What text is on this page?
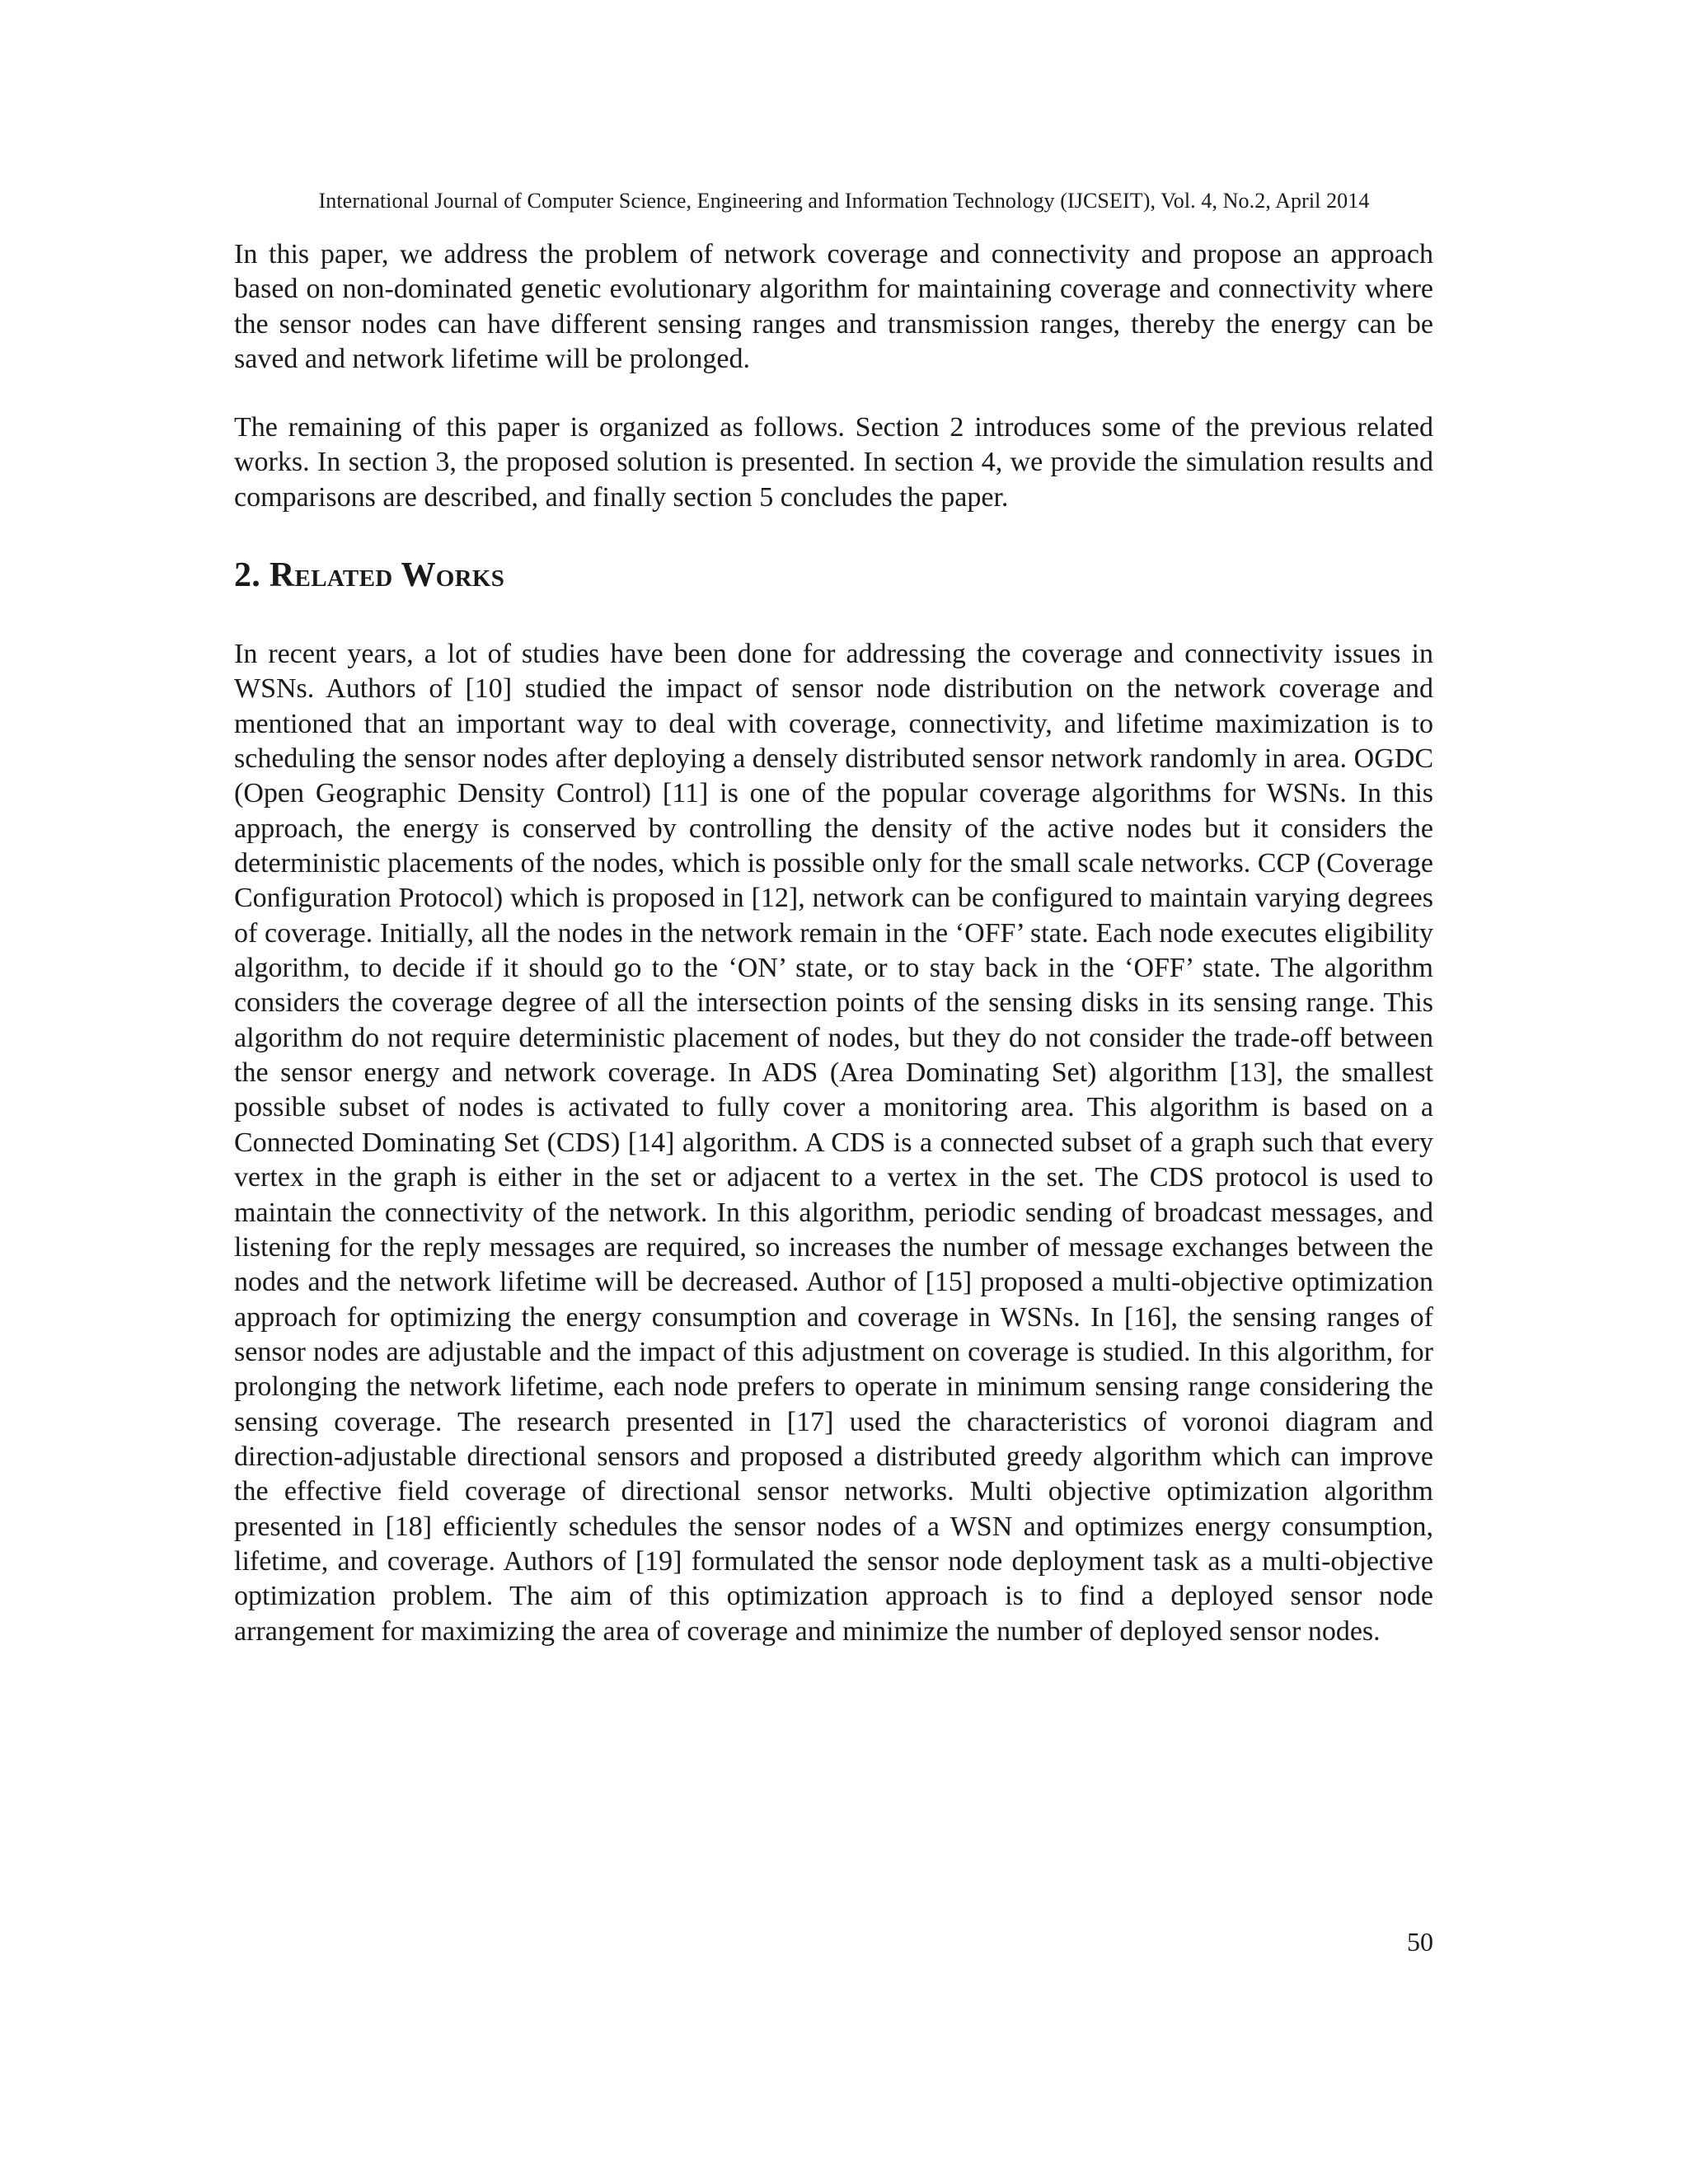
International Journal of Computer Science, Engineering and Information Technology (IJCSEIT), Vol. 4, No.2, April 2014

In this paper, we address the problem of network coverage and connectivity and propose an approach based on non-dominated genetic evolutionary algorithm for maintaining coverage and connectivity where the sensor nodes can have different sensing ranges and transmission ranges, thereby the energy can be saved and network lifetime will be prolonged.

The remaining of this paper is organized as follows. Section 2 introduces some of the previous related works. In section 3, the proposed solution is presented. In section 4, we provide the simulation results and comparisons are described, and finally section 5 concludes the paper.

2. Related Works

In recent years, a lot of studies have been done for addressing the coverage and connectivity issues in WSNs. Authors of [10] studied the impact of sensor node distribution on the network coverage and mentioned that an important way to deal with coverage, connectivity, and lifetime maximization is to scheduling the sensor nodes after deploying a densely distributed sensor network randomly in area. OGDC (Open Geographic Density Control) [11] is one of the popular coverage algorithms for WSNs. In this approach, the energy is conserved by controlling the density of the active nodes but it considers the deterministic placements of the nodes, which is possible only for the small scale networks. CCP (Coverage Configuration Protocol) which is proposed in [12], network can be configured to maintain varying degrees of coverage. Initially, all the nodes in the network remain in the ‘OFF’ state. Each node executes eligibility algorithm, to decide if it should go to the ‘ON’ state, or to stay back in the ‘OFF’ state. The algorithm considers the coverage degree of all the intersection points of the sensing disks in its sensing range. This algorithm do not require deterministic placement of nodes, but they do not consider the trade-off between the sensor energy and network coverage. In ADS (Area Dominating Set) algorithm [13], the smallest possible subset of nodes is activated to fully cover a monitoring area. This algorithm is based on a Connected Dominating Set (CDS) [14] algorithm. A CDS is a connected subset of a graph such that every vertex in the graph is either in the set or adjacent to a vertex in the set. The CDS protocol is used to maintain the connectivity of the network. In this algorithm, periodic sending of broadcast messages, and listening for the reply messages are required, so increases the number of message exchanges between the nodes and the network lifetime will be decreased. Author of [15] proposed a multi-objective optimization approach for optimizing the energy consumption and coverage in WSNs. In [16], the sensing ranges of sensor nodes are adjustable and the impact of this adjustment on coverage is studied. In this algorithm, for prolonging the network lifetime, each node prefers to operate in minimum sensing range considering the sensing coverage. The research presented in [17] used the characteristics of voronoi diagram and direction-adjustable directional sensors and proposed a distributed greedy algorithm which can improve the effective field coverage of directional sensor networks. Multi objective optimization algorithm presented in [18] efficiently schedules the sensor nodes of a WSN and optimizes energy consumption, lifetime, and coverage. Authors of [19] formulated the sensor node deployment task as a multi-objective optimization problem. The aim of this optimization approach is to find a deployed sensor node arrangement for maximizing the area of coverage and minimize the number of deployed sensor nodes.

50
